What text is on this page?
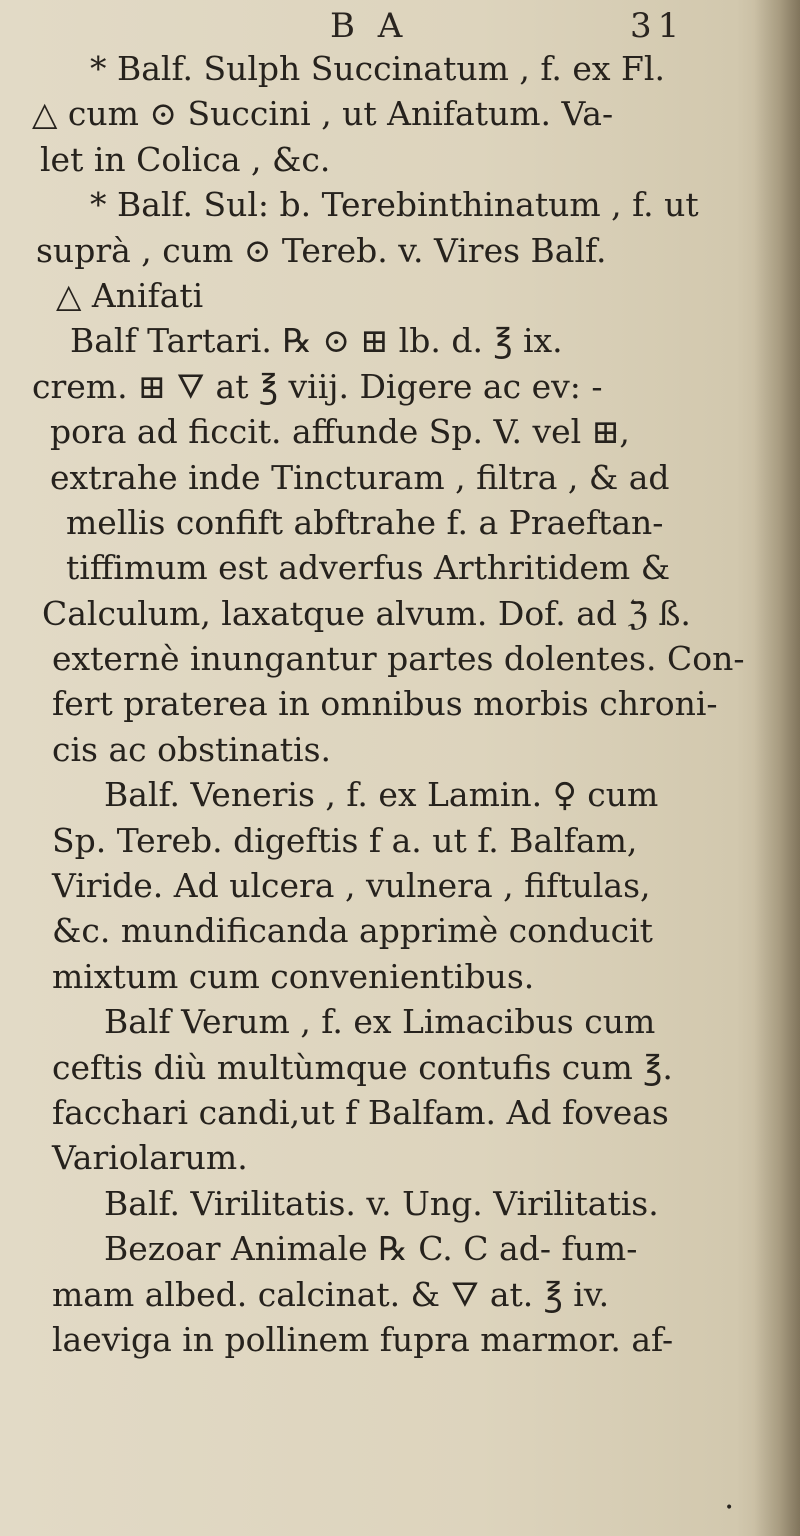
B A	31
* Balf. Sulph Succinatum , f. ex Fl.
△ cum ⊙ Succini , ut Anifatum. Va-
let in Colica , &c.
* Balf. Sul: b. Terebinthinatum , f. ut
suprà , cum ⊙ Tereb. v. Vires Balf.
△ Anifati
Balf Tartari. ℞ ⊙ ⊞ lb. d. ℥ ix.
crem. ⊞ 🜄 at ℥ viij. Digere ac ev: -
pora ad ficcit. affunde Sp. V. vel ⊞,
extrahe inde Tincturam , filtra , & ad
mellis confift abftrahe f. a Praeftan-
tiffimum est adverfus Arthritidem &
Calculum, laxatque alvum. Dof. ad ℨ ß.
externè inungantur partes dolentes. Con-
fert praterea in omnibus morbis chroni-
cis ac obstinatis.
Balf. Veneris , f. ex Lamin. ♀ cum
Sp. Tereb. digeftis f a. ut f. Balfam,
Viride. Ad ulcera , vulnera , fiftulas,
&c. mundificanda apprimè conducit
mixtum cum convenientibus.
Balf Verum , f. ex Limacibus cum
ceftis diù multùmque contufis cum ℥.
facchari candi,ut f Balfam. Ad foveas
Variolarum.
Balf. Virilitatis. v. Ung. Virilitatis.
Bezoar Animale ℞ C. C ad- fum-
mam albed. calcinat. & 🜄 at. ℥ iv.
laeviga in pollinem fupra marmor. af-
•
